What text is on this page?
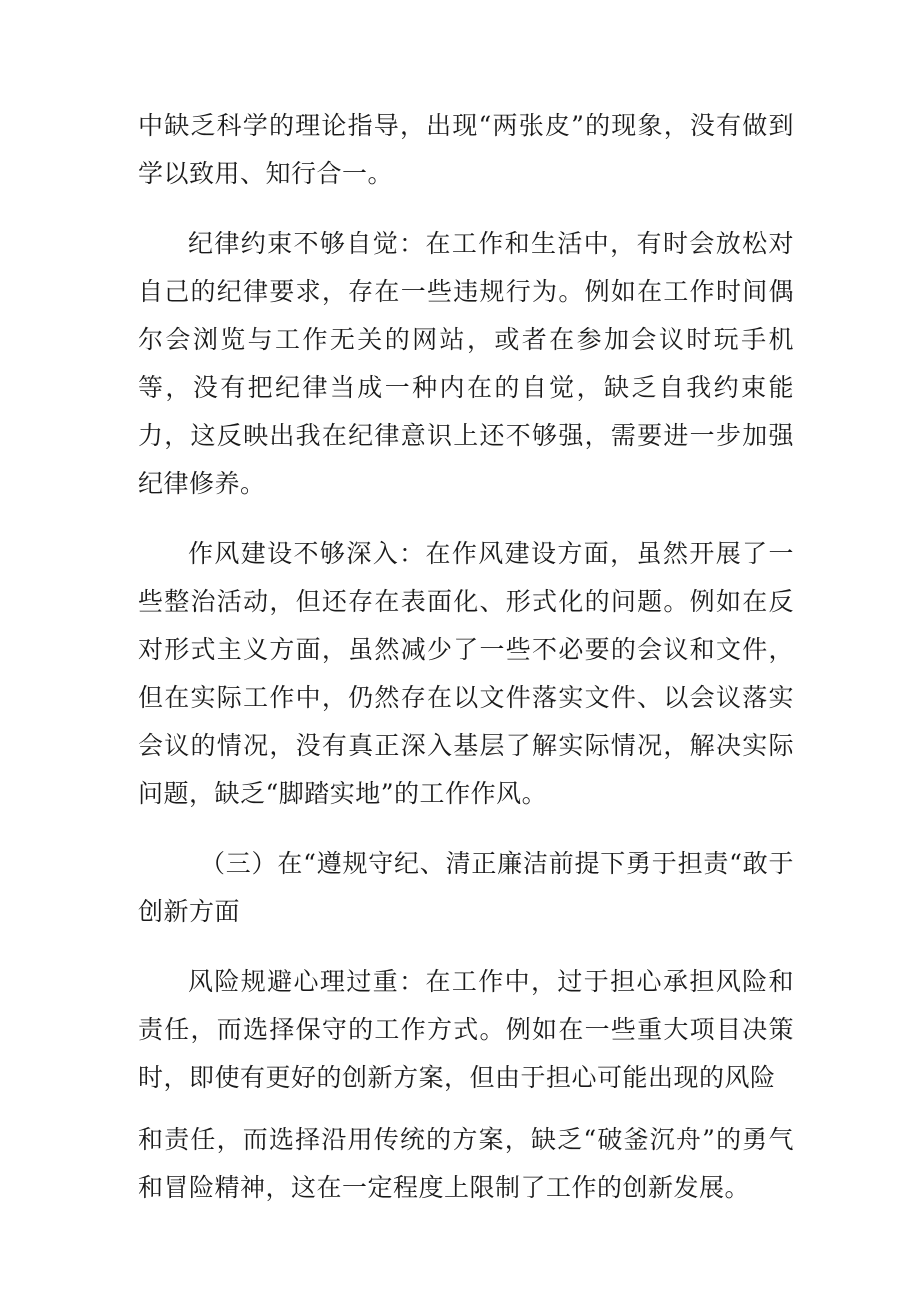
中缺乏科学的理论指导，出现“两张皮”的现象，没有做到学以致用、知行合一。

纪律约束不够自觉：在工作和生活中，有时会放松对自己的纪律要求，存在一些违规行为。例如在工作时间偶尔会浏览与工作无关的网站，或者在参加会议时玩手机等，没有把纪律当成一种内在的自觉，缺乏自我约束能力，这反映出我在纪律意识上还不够强，需要进一步加强纪律修养。

作风建设不够深入：在作风建设方面，虽然开展了一些整治活动，但还存在表面化、形式化的问题。例如在反对形式主义方面，虽然减少了一些不必要的会议和文件，但在实际工作中，仍然存在以文件落实文件、以会议落实会议的情况，没有真正深入基层了解实际情况，解决实际问题，缺乏“脚踏实地”的工作作风。

（三）在“遵规守纪、清正廉洁前提下勇于担责“敢于创新方面

风险规避心理过重：在工作中，过于担心承担风险和责任，而选择保守的工作方式。例如在一些重大项目决策时，即使有更好的创新方案，但由于担心可能出现的风险

和责任，而选择沿用传统的方案，缺乏“破釜沉舟”的勇气和冒险精神，这在一定程度上限制了工作的创新发展。
